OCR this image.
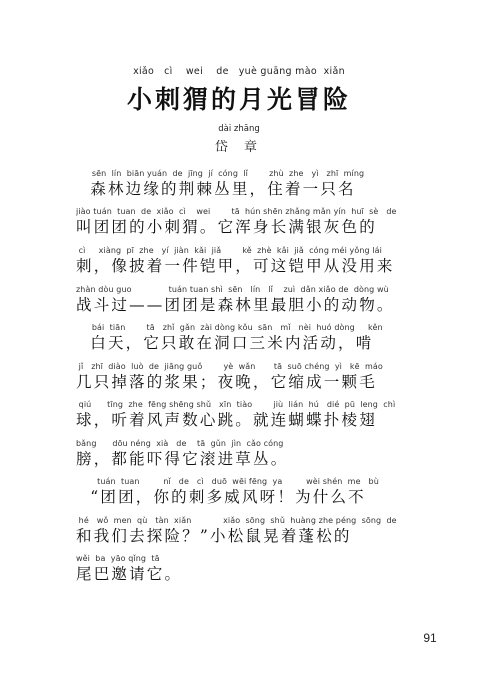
xiǎo   cì    wei    de   yuè guāng mào  xiǎn
小刺猬的月光冒险
dài zhāng
岱 章
sēn  lín  biān yuán  de  jīng  jí  cóng  lǐ        zhù  zhe   yì   zhī  míng
森林边缘的荆棘丛里，住着一只名
jiào tuán  tuan  de  xiǎo  cì    wei        tā  hún shēn zhǎng mǎn yín  huī  sè   de
叫团团的小刺猬。它浑身长满银灰色的
cì     xiàng  pī  zhe   yí  jiàn  kǎi  jiǎ        kě  zhè  kǎi  jiǎ  cóng méi yǒng lái
刺，像披着一件铠甲，可这铠甲从没用来
zhàn dòu guo              tuán tuan shì  sēn   lín   lǐ    zuì  dǎn xiǎo de  dòng wù
战斗过——团团是森林里最胆小的动物。
bái  tiān        tā   zhǐ  gǎn  zài dòng kǒu  sān   mǐ   nèi  huó dòng     kěn
白天，它只敢在洞口三米内活动，啃
jǐ   zhī  diào  luò  de  jiāng guǒ        yè  wǎn       tā  suō chéng  yì   kē  máo
几只掉落的浆果；夜晚，它缩成一颗毛
qiú      tīng  zhe  fēng shēng shǔ   xīn  tiào        jiù  lián  hú   dié  pū  leng  chì
球，听着风声数心跳。就连蝴蝶扑棱翅
bǎng      dōu néng  xià   de    tā  gǔn  jìn  cǎo cóng
膀，都能吓得它滚进草丛。
tuán  tuan         nǐ   de   cì   duō  wēi fēng  ya         wèi shén  me   bù
“团团，你的刺多威风呀！为什么不
hé   wǒ  men  qù   tàn  xiǎn            xiǎo  sōng  shǔ  huàng zhe péng  sōng  de
和我们去探险？”小松鼠晃着蓬松的
wěi  ba  yāo qǐng  tā
尾巴邀请它。
91
